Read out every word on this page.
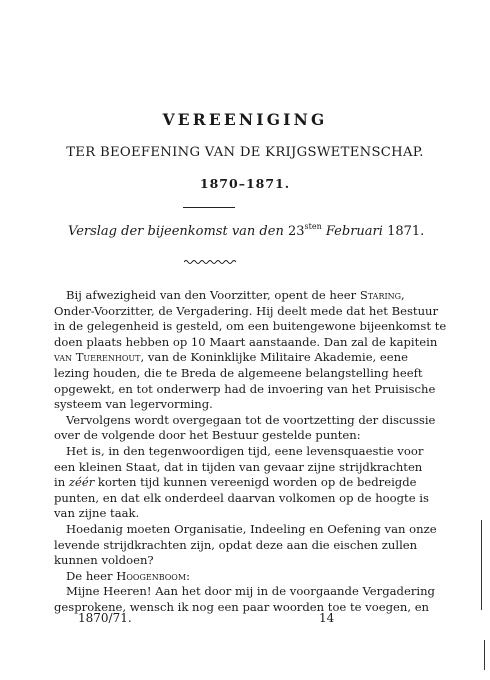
VEREENIGING
TER BEOEFENING VAN DE KRIJGSWETENSCHAP.
1870–1871.
Verslag der bijeenkomst van den $23^{sten}$ Februari 1871.
Bij afwezigheid van den Voorzitter, opent de heer Staring,
Onder-Voorzitter, de Vergadering. Hij deelt mede dat het Bestuur
in de gelegenheid is gesteld, om een buitengewone bijeenkomst te
doen plaats hebben op 10 Maart aanstaande. Dan zal de kapitein
van Tuerenhout, van de Koninklijke Militaire Akademie, eene
lezing houden, die te Breda de algemeene belangstelling heeft
opgewekt, en tot onderwerp had de invoering van het Pruisische
systeem van legervorming.
Vervolgens wordt overgegaan tot de voortzetting der discussie
over de volgende door het Bestuur gestelde punten:
Het is, in den tegenwoordigen tijd, eene levensquaestie voor
een kleinen Staat, dat in tijden van gevaar zijne strijdkrachten
in zéér korten tijd kunnen vereenigd worden op de bedreigde
punten, en dat elk onderdeel daarvan volkomen op de hoogte is
van zijne taak.
Hoedanig moeten Organisatie, Indeeling en Oefening van onze
levende strijdkrachten zijn, opdat deze aan die eischen zullen
kunnen voldoen?
De heer Hoogenboom:
Mijne Heeren! Aan het door mij in de voorgaande Vergadering
gesprokene, wensch ik nog een paar woorden toe te voegen, en
1870/71.	14
